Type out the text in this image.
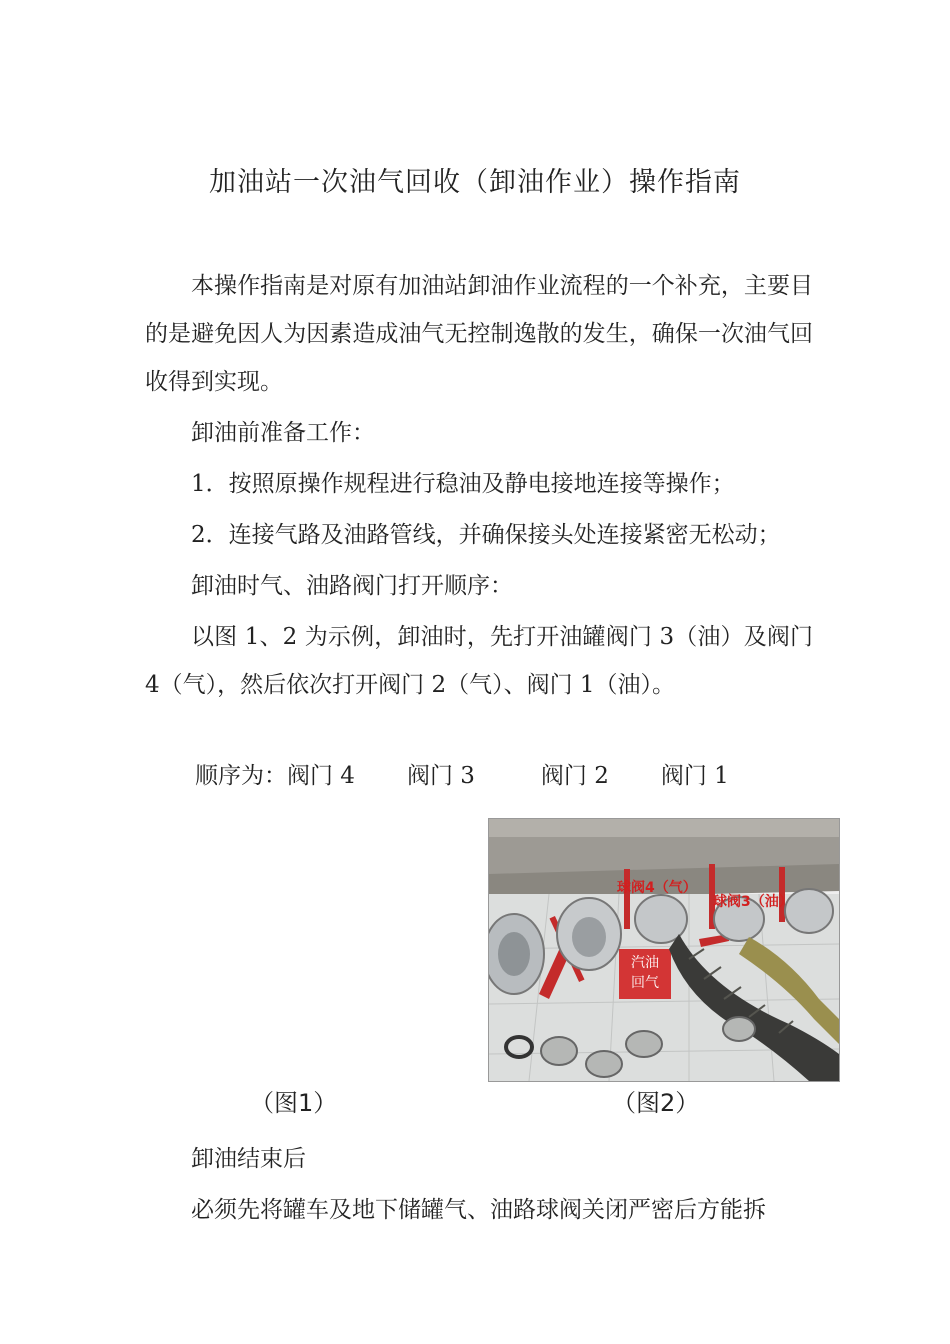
加油站一次油气回收（卸油作业）操作指南

本操作指南是对原有加油站卸油作业流程的一个补充，主要目的是避免因人为因素造成油气无控制逸散的发生，确保一次油气回收得到实现。

卸油前准备工作：

1．按照原操作规程进行稳油及静电接地连接等操作；

2．连接气路及油路管线，并确保接头处连接紧密无松动；

卸油时气、油路阀门打开顺序：

以图 1、2 为示例，卸油时，先打开油罐阀门 3（油）及阀门 4（气），然后依次打开阀门 2（气）、阀门 1（油）。

顺序为：阀门 4 阀门 3	阀门 2 阀门 1
球阀4（气）
球阀3（油）
汽油
回气
（图1）	（图2）

卸油结束后

必须先将罐车及地下储罐气、油路球阀关闭严密后方能拆
